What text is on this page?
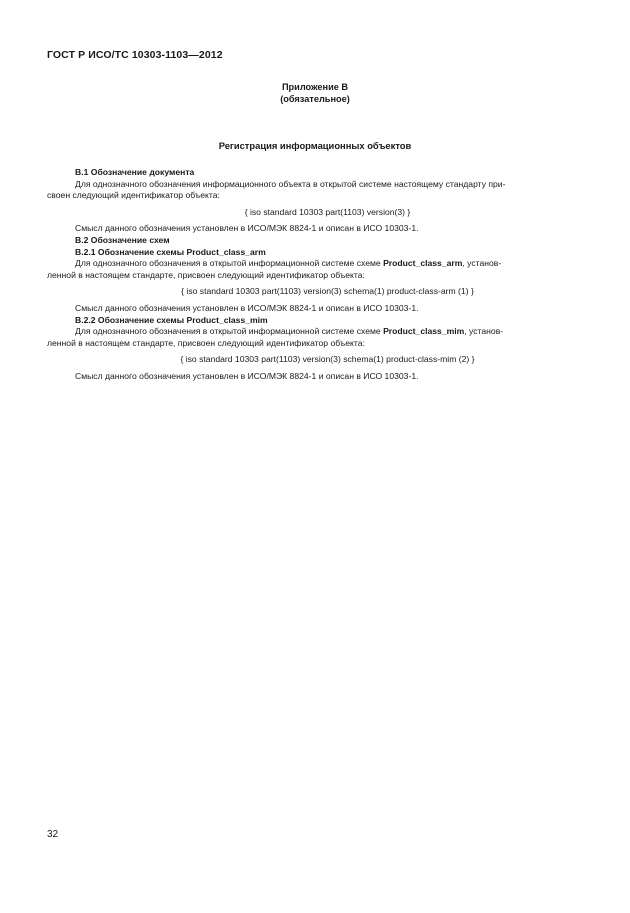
ГОСТ Р ИСО/ТС 10303-1103—2012
Приложение В
(обязательное)
Регистрация информационных объектов
В.1 Обозначение документа
Для однозначного обозначения информационного объекта в открытой системе настоящему стандарту при-
своен следующий идентификатор объекта:
{ iso standard 10303 part(1103) version(3) }
Смысл данного обозначения установлен в ИСО/МЭК 8824-1 и описан в ИСО 10303-1.
В.2 Обозначение схем
В.2.1 Обозначение схемы Product_class_arm
Для однозначного обозначения в открытой информационной системе схеме Product_class_arm, установ-
ленной в настоящем стандарте, присвоен следующий идентификатор объекта:
{ iso standard 10303 part(1103) version(3) schema(1) product-class-arm (1) }
Смысл данного обозначения установлен в ИСО/МЭК 8824-1 и описан в ИСО 10303-1.
В.2.2 Обозначение схемы Product_class_mim
Для однозначного обозначения в открытой информационной системе схеме Product_class_mim, установ-
ленной в настоящем стандарте, присвоен следующий идентификатор объекта:
{ iso standard 10303 part(1103) version(3) schema(1) product-class-mim (2) }
Смысл данного обозначения установлен в ИСО/МЭК 8824-1 и описан в ИСО 10303-1.
32
